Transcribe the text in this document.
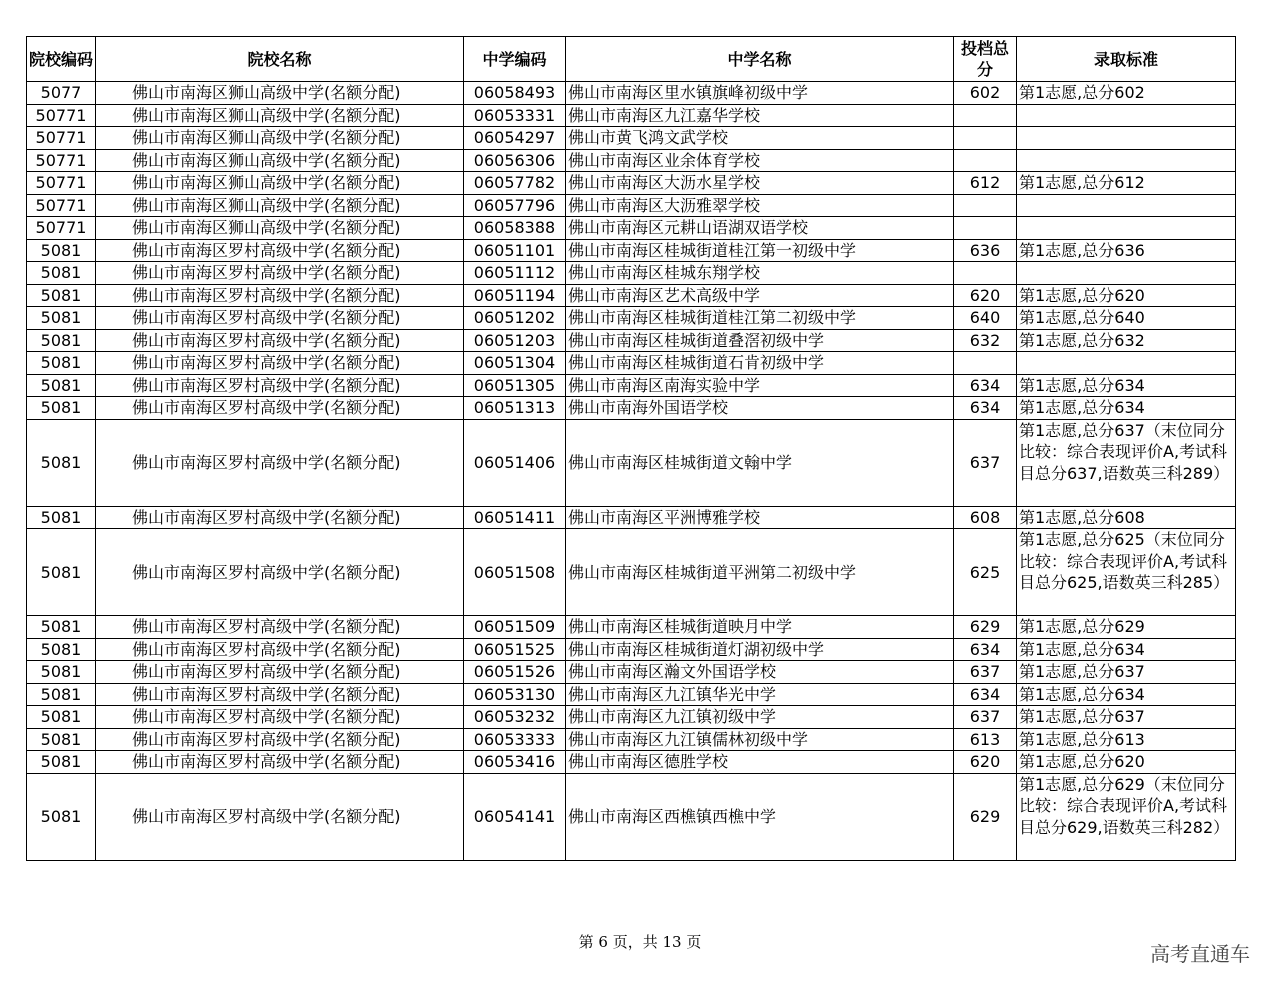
院校编码	院校名称	中学编码	中学名称	投档总分	录取标准
5077	佛山市南海区狮山高级中学(名额分配)	06058493	佛山市南海区里水镇旗峰初级中学	602	第1志愿,总分602
50771	佛山市南海区狮山高级中学(名额分配)	06053331	佛山市南海区九江嘉华学校		
50771	佛山市南海区狮山高级中学(名额分配)	06054297	佛山市黄飞鸿文武学校		
50771	佛山市南海区狮山高级中学(名额分配)	06056306	佛山市南海区业余体育学校		
50771	佛山市南海区狮山高级中学(名额分配)	06057782	佛山市南海区大沥水星学校	612	第1志愿,总分612
50771	佛山市南海区狮山高级中学(名额分配)	06057796	佛山市南海区大沥雅翠学校		
50771	佛山市南海区狮山高级中学(名额分配)	06058388	佛山市南海区元耕山语湖双语学校		
5081	佛山市南海区罗村高级中学(名额分配)	06051101	佛山市南海区桂城街道桂江第一初级中学	636	第1志愿,总分636
5081	佛山市南海区罗村高级中学(名额分配)	06051112	佛山市南海区桂城东翔学校		
5081	佛山市南海区罗村高级中学(名额分配)	06051194	佛山市南海区艺术高级中学	620	第1志愿,总分620
5081	佛山市南海区罗村高级中学(名额分配)	06051202	佛山市南海区桂城街道桂江第二初级中学	640	第1志愿,总分640
5081	佛山市南海区罗村高级中学(名额分配)	06051203	佛山市南海区桂城街道叠滘初级中学	632	第1志愿,总分632
5081	佛山市南海区罗村高级中学(名额分配)	06051304	佛山市南海区桂城街道石肯初级中学		
5081	佛山市南海区罗村高级中学(名额分配)	06051305	佛山市南海区南海实验中学	634	第1志愿,总分634
5081	佛山市南海区罗村高级中学(名额分配)	06051313	佛山市南海外国语学校	634	第1志愿,总分634
5081	佛山市南海区罗村高级中学(名额分配)	06051406	佛山市南海区桂城街道文翰中学	637	第1志愿,总分637（末位同分比较：综合表现评价A,考试科目总分637,语数英三科289）
5081	佛山市南海区罗村高级中学(名额分配)	06051411	佛山市南海区平洲博雅学校	608	第1志愿,总分608
5081	佛山市南海区罗村高级中学(名额分配)	06051508	佛山市南海区桂城街道平洲第二初级中学	625	第1志愿,总分625（末位同分比较：综合表现评价A,考试科目总分625,语数英三科285）
5081	佛山市南海区罗村高级中学(名额分配)	06051509	佛山市南海区桂城街道映月中学	629	第1志愿,总分629
5081	佛山市南海区罗村高级中学(名额分配)	06051525	佛山市南海区桂城街道灯湖初级中学	634	第1志愿,总分634
5081	佛山市南海区罗村高级中学(名额分配)	06051526	佛山市南海区瀚文外国语学校	637	第1志愿,总分637
5081	佛山市南海区罗村高级中学(名额分配)	06053130	佛山市南海区九江镇华光中学	634	第1志愿,总分634
5081	佛山市南海区罗村高级中学(名额分配)	06053232	佛山市南海区九江镇初级中学	637	第1志愿,总分637
5081	佛山市南海区罗村高级中学(名额分配)	06053333	佛山市南海区九江镇儒林初级中学	613	第1志愿,总分613
5081	佛山市南海区罗村高级中学(名额分配)	06053416	佛山市南海区德胜学校	620	第1志愿,总分620
5081	佛山市南海区罗村高级中学(名额分配)	06054141	佛山市南海区西樵镇西樵中学	629	第1志愿,总分629（末位同分比较：综合表现评价A,考试科目总分629,语数英三科282）
第 6 页，共 13 页	高考直通车
